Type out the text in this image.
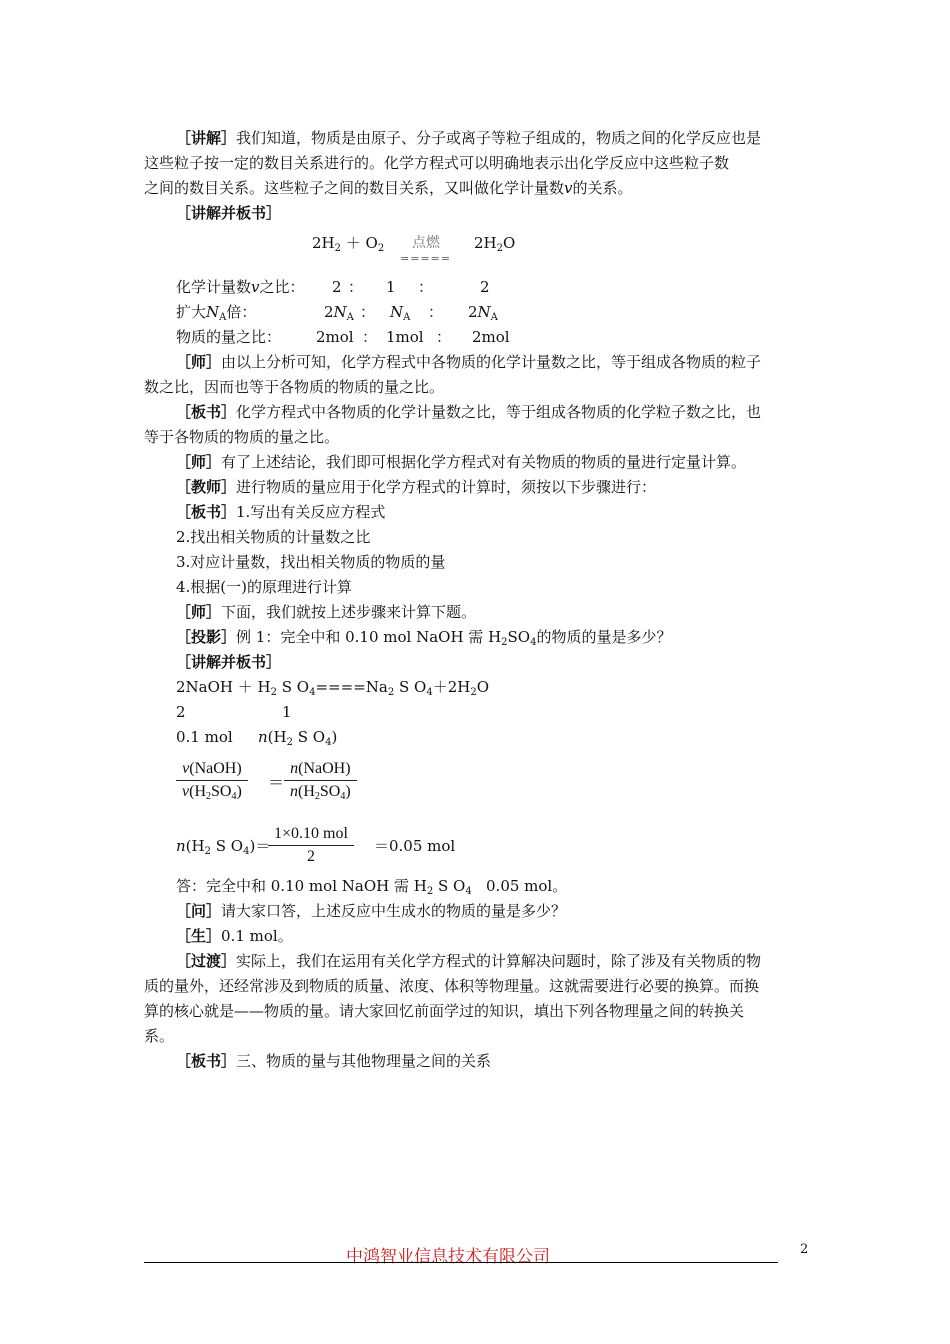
［讲解］我们知道，物质是由原子、分子或离子等粒子组成的，物质之间的化学反应也是
这些粒子按一定的数目关系进行的。化学方程式可以明确地表示出化学反应中这些粒子数
之间的数目关系。这些粒子之间的数目关系，又叫做化学计量数v的关系。
［讲解并板书］
$2H_2 + O_2$ 点燃
=====
$2H_2O$
化学计量数v之比： 2 ： 1 ：	2
扩大$N_A$倍：	$2N_A$ ： $N_A$ ： $2N_A$
物质的量之比： 2mol ： 1mol ： 2mol
［师］由以上分析可知，化学方程式中各物质的化学计量数之比，等于组成各物质的粒子
数之比，因而也等于各物质的物质的量之比。
［板书］化学方程式中各物质的化学计量数之比，等于组成各物质的化学粒子数之比，也
等于各物质的物质的量之比。
［师］有了上述结论，我们即可根据化学方程式对有关物质的物质的量进行定量计算。
［教师］进行物质的量应用于化学方程式的计算时，须按以下步骤进行：
［板书］1.写出有关反应方程式
2.找出相关物质的计量数之比
3.对应计量数，找出相关物质的物质的量
4.根据(一)的原理进行计算
［师］下面，我们就按上述步骤来计算下题。
［投影］例 1：完全中和 0.10 mol NaOH 需 $H_2SO_4$的物质的量是多少？
［讲解并板书］
2NaOH ＋ $H_2$ S $O_4====Na_2$ S $O_4+2H_2O$
2	1
0.1 mol $n(H_2$ S $O_4$)
v(NaOH)
$v(H_2SO_4)$	＝
n(NaOH)
$n(H_2SO_4)$
$n(H_2$ S $O_4)=$
1×0.10 mol
2
＝0.05 mol
答：完全中和 0.10 mol NaOH 需 $H_2$ S $O_4$ 0.05 mol。
［问］请大家口答，上述反应中生成水的物质的量是多少？
［生］0.1 mol。
［过渡］实际上，我们在运用有关化学方程式的计算解决问题时，除了涉及有关物质的物
质的量外，还经常涉及到物质的质量、浓度、体积等物理量。这就需要进行必要的换算。而换
算的核心就是——物质的量。请大家回忆前面学过的知识，填出下列各物理量之间的转换关
系。
［板书］三、物质的量与其他物理量之间的关系
中鸿智业信息技术有限公司	2
